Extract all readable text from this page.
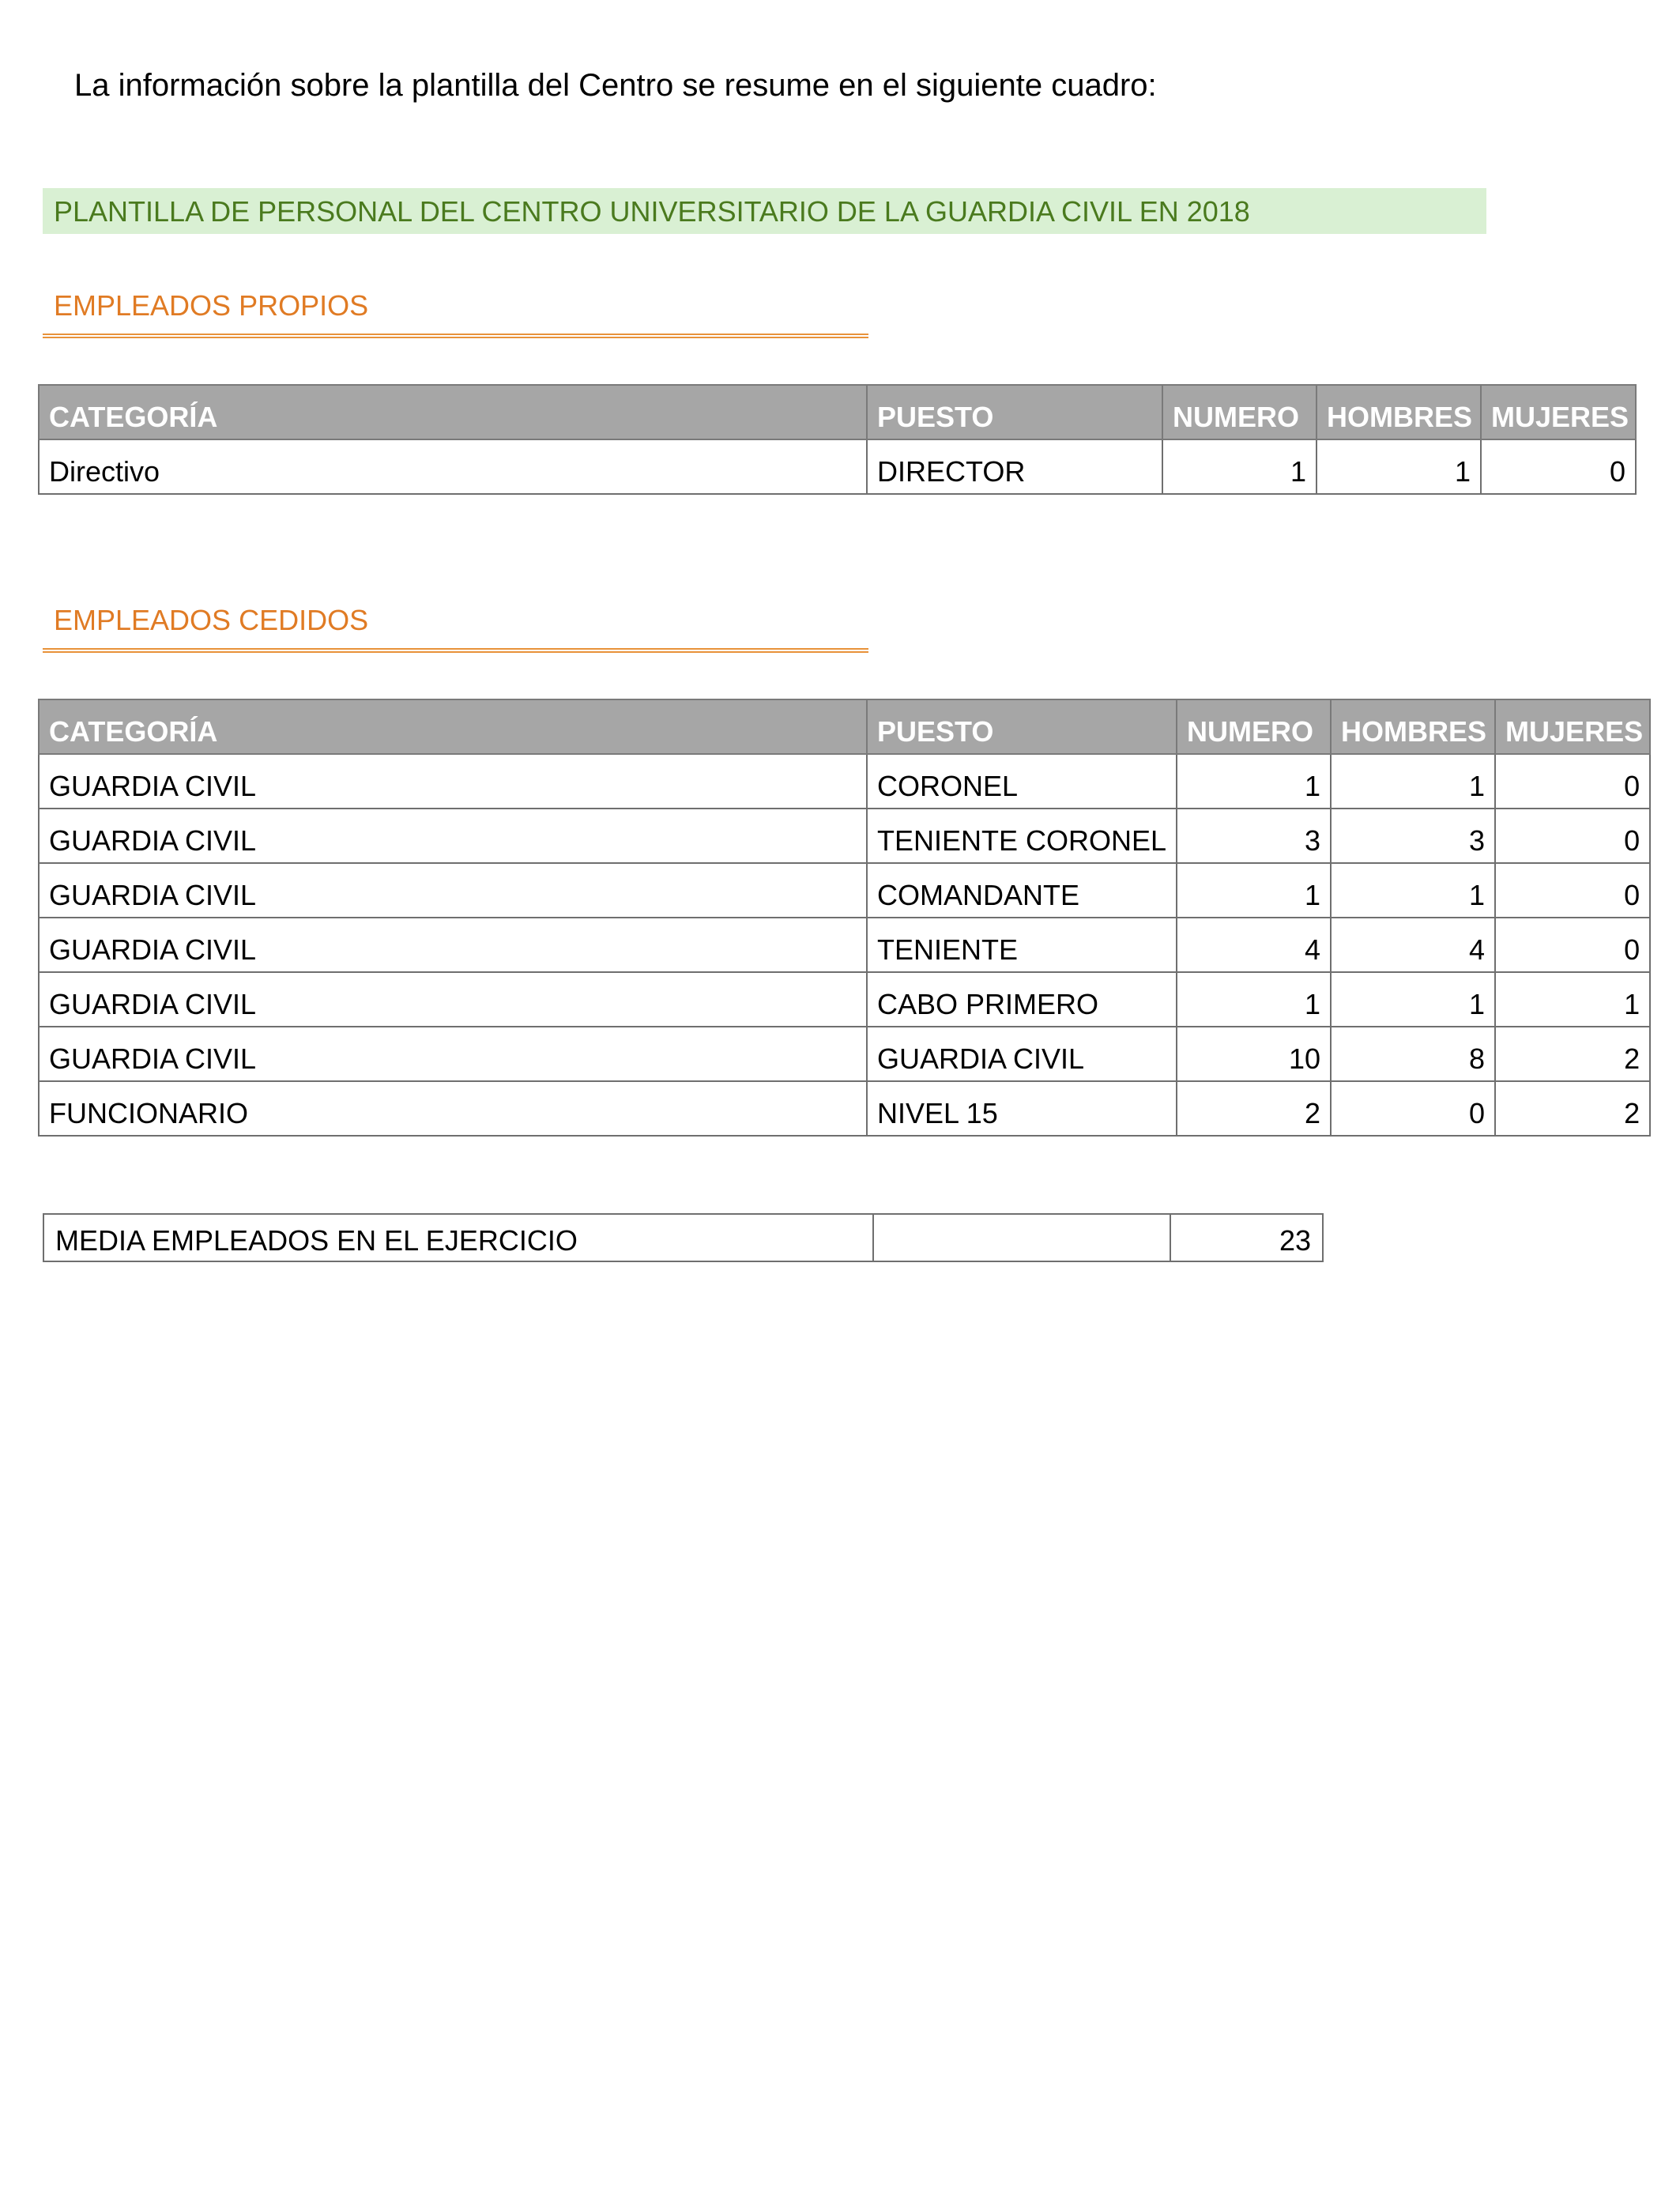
La información sobre la plantilla del Centro se resume en el siguiente cuadro:
PLANTILLA DE PERSONAL DEL CENTRO UNIVERSITARIO DE LA GUARDIA CIVIL EN 2018
EMPLEADOS PROPIOS
CATEGORÍA	PUESTO	NUMERO	HOMBRES	MUJERES
Directivo	DIRECTOR	1	1	0
EMPLEADOS CEDIDOS
CATEGORÍA	PUESTO	NUMERO	HOMBRES	MUJERES
GUARDIA CIVIL	CORONEL	1	1	0
GUARDIA CIVIL	TENIENTE CORONEL	3	3	0
GUARDIA CIVIL	COMANDANTE	1	1	0
GUARDIA CIVIL	TENIENTE	4	4	0
GUARDIA CIVIL	CABO PRIMERO	1	1	1
GUARDIA CIVIL	GUARDIA CIVIL	10	8	2
FUNCIONARIO	NIVEL 15	2	0	2
MEDIA EMPLEADOS EN EL EJERCICIO		23
